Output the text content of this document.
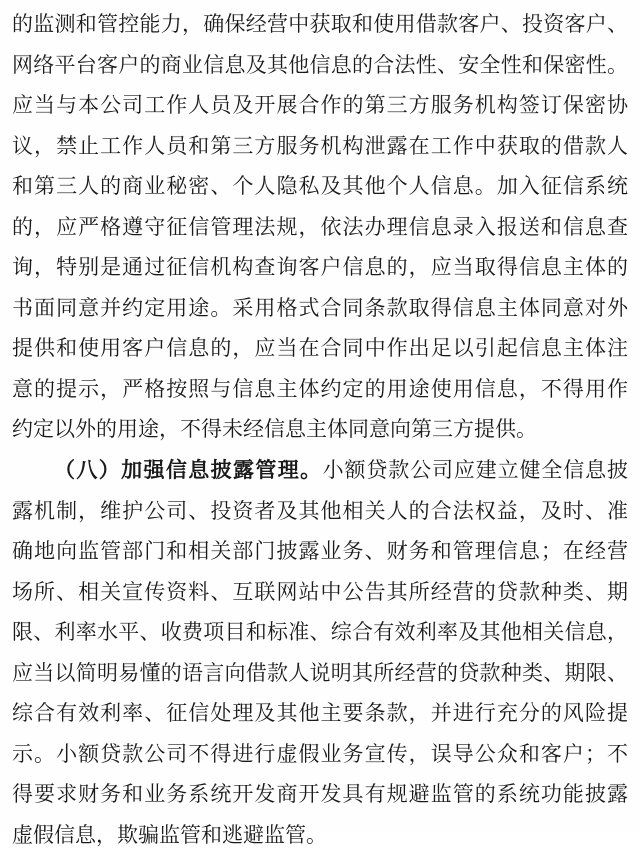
的监测和管控能力，确保经营中获取和使用借款客户、投资客户、
网络平台客户的商业信息及其他信息的合法性、安全性和保密性。
应当与本公司工作人员及开展合作的第三方服务机构签订保密协
议，禁止工作人员和第三方服务机构泄露在工作中获取的借款人
和第三人的商业秘密、个人隐私及其他个人信息。加入征信系统
的，应严格遵守征信管理法规，依法办理信息录入报送和信息查
询，特别是通过征信机构查询客户信息的，应当取得信息主体的
书面同意并约定用途。采用格式合同条款取得信息主体同意对外
提供和使用客户信息的，应当在合同中作出足以引起信息主体注
意的提示，严格按照与信息主体约定的用途使用信息，不得用作
约定以外的用途，不得未经信息主体同意向第三方提供。
（八）加强信息披露管理。小额贷款公司应建立健全信息披
露机制，维护公司、投资者及其他相关人的合法权益，及时、准
确地向监管部门和相关部门披露业务、财务和管理信息；在经营
场所、相关宣传资料、互联网站中公告其所经营的贷款种类、期
限、利率水平、收费项目和标准、综合有效利率及其他相关信息，
应当以简明易懂的语言向借款人说明其所经营的贷款种类、期限、
综合有效利率、征信处理及其他主要条款，并进行充分的风险提
示。小额贷款公司不得进行虚假业务宣传，误导公众和客户；不
得要求财务和业务系统开发商开发具有规避监管的系统功能披露
虚假信息，欺骗监管和逃避监管。
